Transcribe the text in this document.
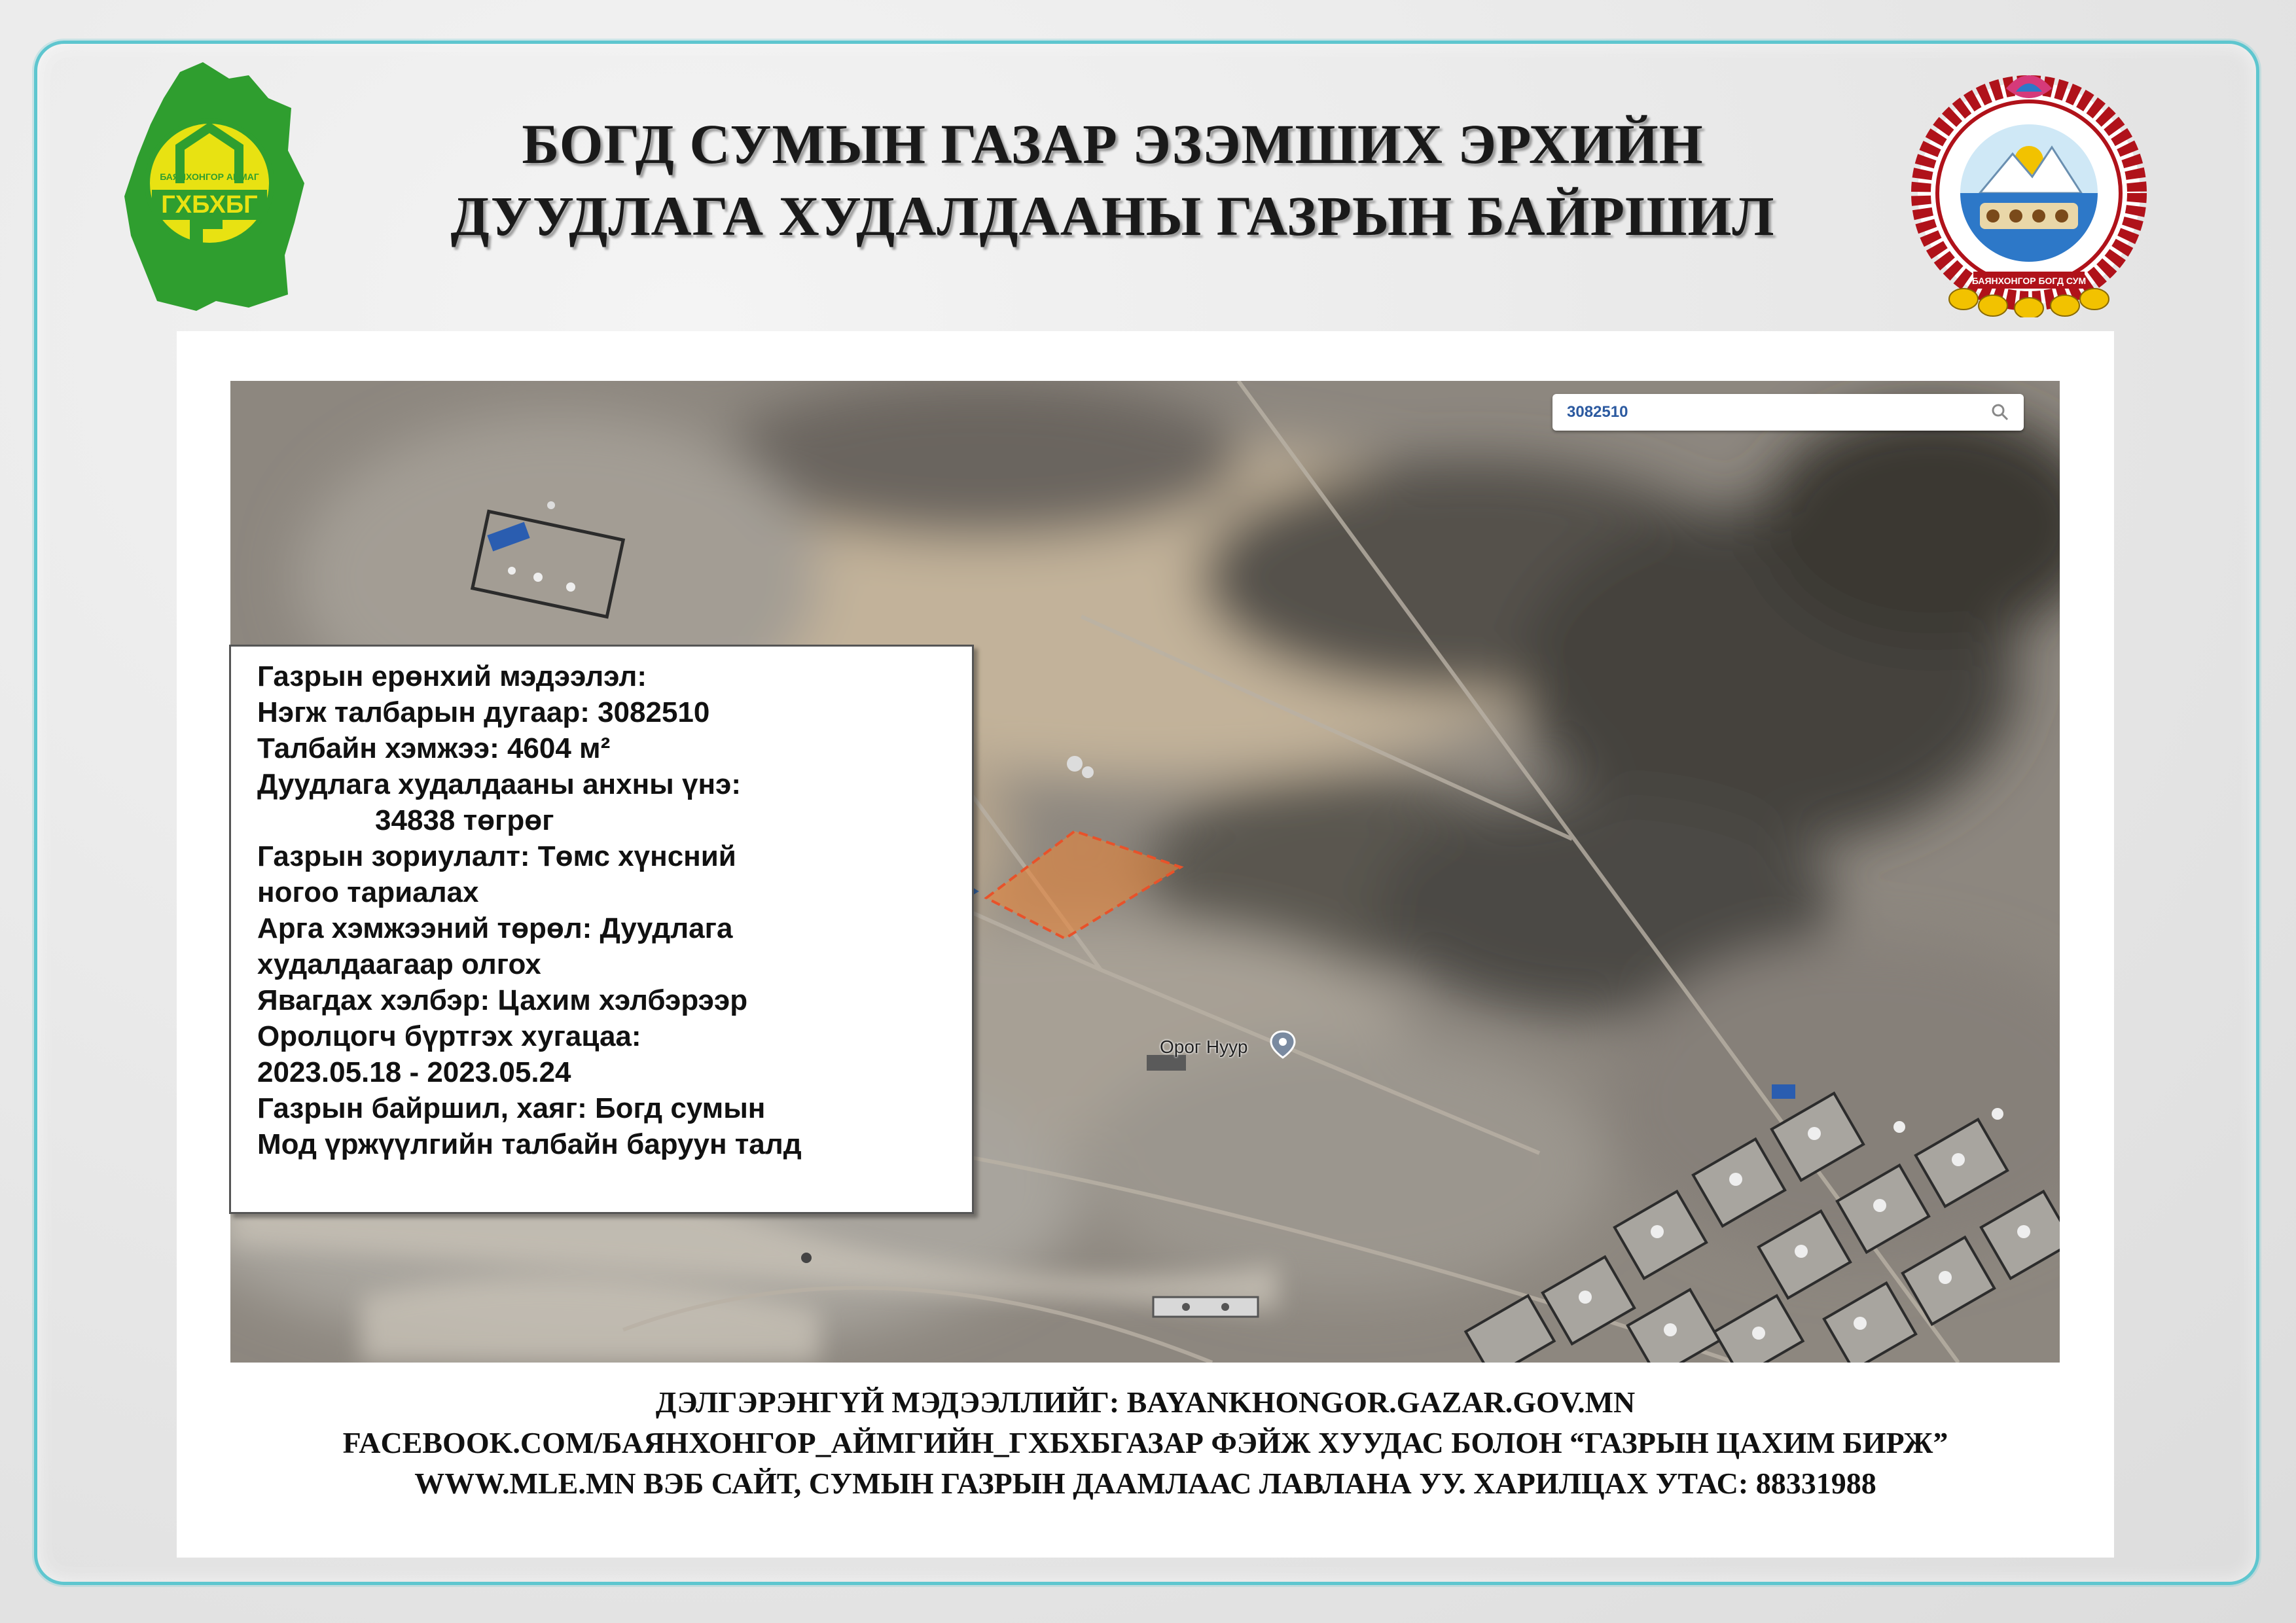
ГХБХБГ
БАЯНХОНГОР АЙМАГ
БОГД СУМЫН ГАЗАР ЭЗЭМШИХ ЭРХИЙН
ДУУДЛАГА ХУДАЛДААНЫ ГАЗРЫН БАЙРШИЛ
БАЯНХОНГОР БОГД СУМ
3082510
Орог Нуур
Газрын ерөнхий мэдээлэл:
Нэгж талбарын дугаар: 3082510
Талбайн хэмжээ: 4604 м²
Дуудлага худалдааны анхны үнэ:
34838 төгрөг
Газрын зориулалт: Төмс хүнсний
ногоо тариалах
Арга хэмжээний төрөл: Дуудлага
худалдаагаар олгох
Явагдах хэлбэр: Цахим хэлбэрээр
Оролцогч бүртгэх хугацаа:
2023.05.18 - 2023.05.24
Газрын байршил, хаяг: Богд сумын
Мод үржүүлгийн талбайн баруун талд
ДЭЛГЭРЭНГҮЙ МЭДЭЭЛЛИЙГ: BAYANKHONGOR.GAZAR.GOV.MN
FACEBOOK.COM/БАЯНХОНГОР_АЙМГИЙН_ГХБХБГАЗАР ФЭЙЖ ХУУДАС БОЛОН “ГАЗРЫН ЦАХИМ БИРЖ”
WWW.MLE.MN ВЭБ САЙТ, СУМЫН ГАЗРЫН ДААМЛААС ЛАВЛАНА УУ. ХАРИЛЦАХ УТАС: 88331988
